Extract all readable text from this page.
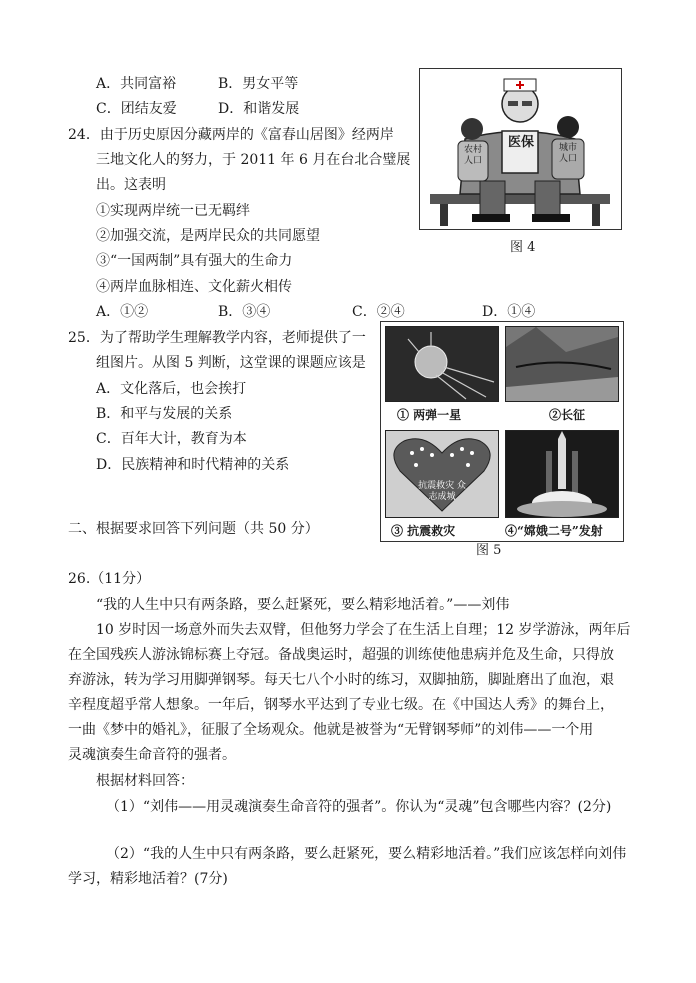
A．共同富裕	B．男女平等
C．团结友爱	D．和谐发展
医保
农村人口
城市人口
图 4
24．由于历史原因分藏两岸的《富春山居图》经两岸
三地文化人的努力，于 2011 年 6 月在台北合璧展
出。这表明
①实现两岸统一已无羁绊
②加强交流，是两岸民众的共同愿望
③“一国两制”具有强大的生命力
④两岸血脉相连、文化薪火相传
A．①②	B．③④	C．②④	D．①④
25．为了帮助学生理解教学内容，老师提供了一
组图片。从图 5 判断，这堂课的课题应该是
A．文化落后，也会挨打
B．和平与发展的关系
C．百年大计，教育为本
D．民族精神和时代精神的关系
① 两弹一星	②长征
抗震救灾 众志成城
③ 抗震救灾	④“嫦娥二号”发射
图 5
二、根据要求回答下列问题（共 50 分）
26.（11分）
“我的人生中只有两条路，要么赶紧死，要么精彩地活着。”——刘伟
10 岁时因一场意外而失去双臂，但他努力学会了在生活上自理；12 岁学游泳，两年后
在全国残疾人游泳锦标赛上夺冠。备战奥运时，超强的训练使他患病并危及生命，只得放
弃游泳，转为学习用脚弹钢琴。每天七八个小时的练习，双脚抽筋，脚趾磨出了血泡，艰
辛程度超乎常人想象。一年后，钢琴水平达到了专业七级。在《中国达人秀》的舞台上，
一曲《梦中的婚礼》，征服了全场观众。他就是被誉为“无臂钢琴师”的刘伟——一个用
灵魂演奏生命音符的强者。
根据材料回答：
（1）“刘伟——用灵魂演奏生命音符的强者”。你认为“灵魂”包含哪些内容？(2分)
（2）“我的人生中只有两条路，要么赶紧死，要么精彩地活着。”我们应该怎样向刘伟
学习，精彩地活着？(7分)
